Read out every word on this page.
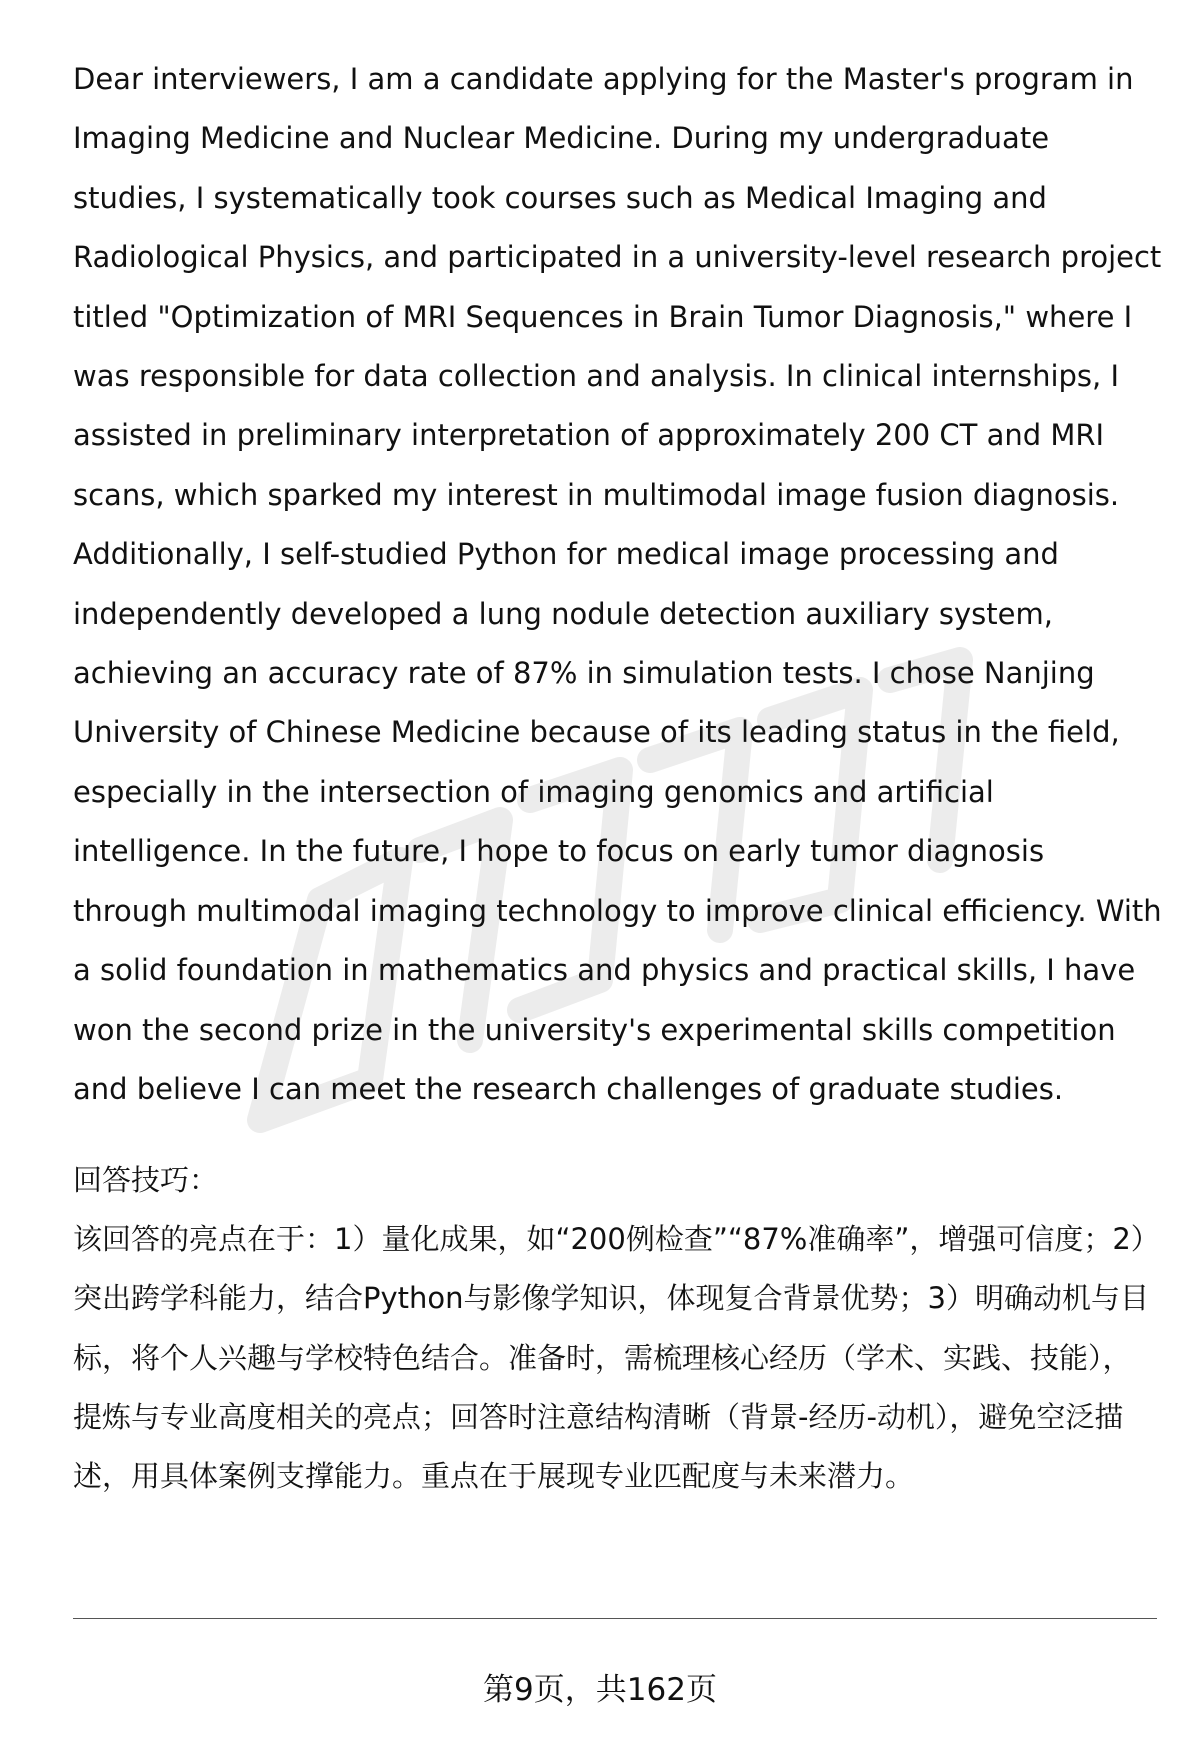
Dear interviewers, I am a candidate applying for the Master's program in Imaging Medicine and Nuclear Medicine. During my undergraduate studies, I systematically took courses such as Medical Imaging and Radiological Physics, and participated in a university-level research project titled "Optimization of MRI Sequences in Brain Tumor Diagnosis," where I was responsible for data collection and analysis. In clinical internships, I assisted in preliminary interpretation of approximately 200 CT and MRI scans, which sparked my interest in multimodal image fusion diagnosis. Additionally, I self-studied Python for medical image processing and independently developed a lung nodule detection auxiliary system, achieving an accuracy rate of 87% in simulation tests. I chose Nanjing University of Chinese Medicine because of its leading status in the field, especially in the intersection of imaging genomics and artificial intelligence. In the future, I hope to focus on early tumor diagnosis through multimodal imaging technology to improve clinical efficiency. With a solid foundation in mathematics and physics and practical skills, I have won the second prize in the university's experimental skills competition and believe I can meet the research challenges of graduate studies.

回答技巧：

该回答的亮点在于：1）量化成果，如“200例检查”“87%准确率”，增强可信度；2）突出跨学科能力，结合Python与影像学知识，体现复合背景优势；3）明确动机与目标，将个人兴趣与学校特色结合。准备时，需梳理核心经历（学术、实践、技能），提炼与专业高度相关的亮点；回答时注意结构清晰（背景-经历-动机），避免空泛描述，用具体案例支撑能力。重点在于展现专业匹配度与未来潜力。

第9页，共162页
